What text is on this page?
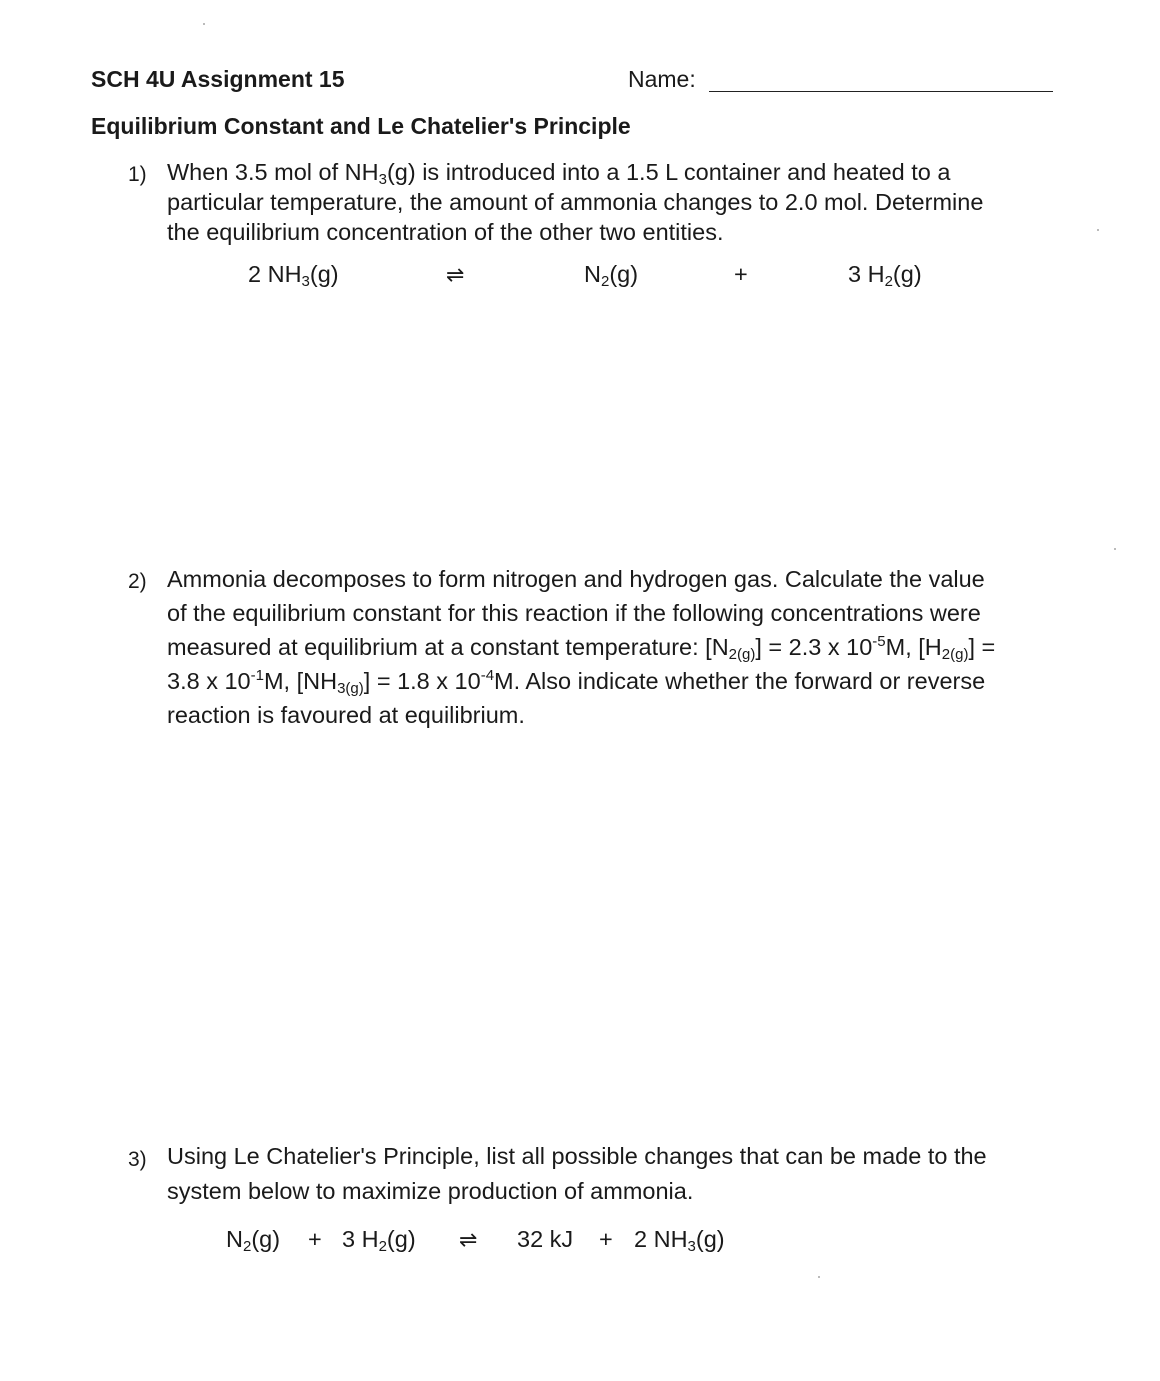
SCH 4U Assignment 15	Name:
Equilibrium Constant and Le Chatelier's Principle
1) When 3.5 mol of $NH_3(g)$ is introduced into a 1.5 L container and heated to a
particular temperature, the amount of ammonia changes to 2.0 mol. Determine
the equilibrium concentration of the other two entities.
2 $NH_3(g)$	⇌	$N_2(g)$	+	3 $H_2(g)$
2) Ammonia decomposes to form nitrogen and hydrogen gas. Calculate the value
of the equilibrium constant for this reaction if the following concentrations were
measured at equilibrium at a constant temperature: $[N_{2(g)}] = 2.3$ x $10^{-5}M$, $[H_{2(g)}]$ =
3.8 x $10^{-1}M$, $[NH_{3(g)}] = 1.8$ x $10^{-4}M$. Also indicate whether the forward or reverse
reaction is favoured at equilibrium.
3) Using Le Chatelier's Principle, list all possible changes that can be made to the
system below to maximize production of ammonia.
$N_2(g) + 3$ $H_2(g)$ ⇌ 32 kJ + 2 $NH_3(g)$
